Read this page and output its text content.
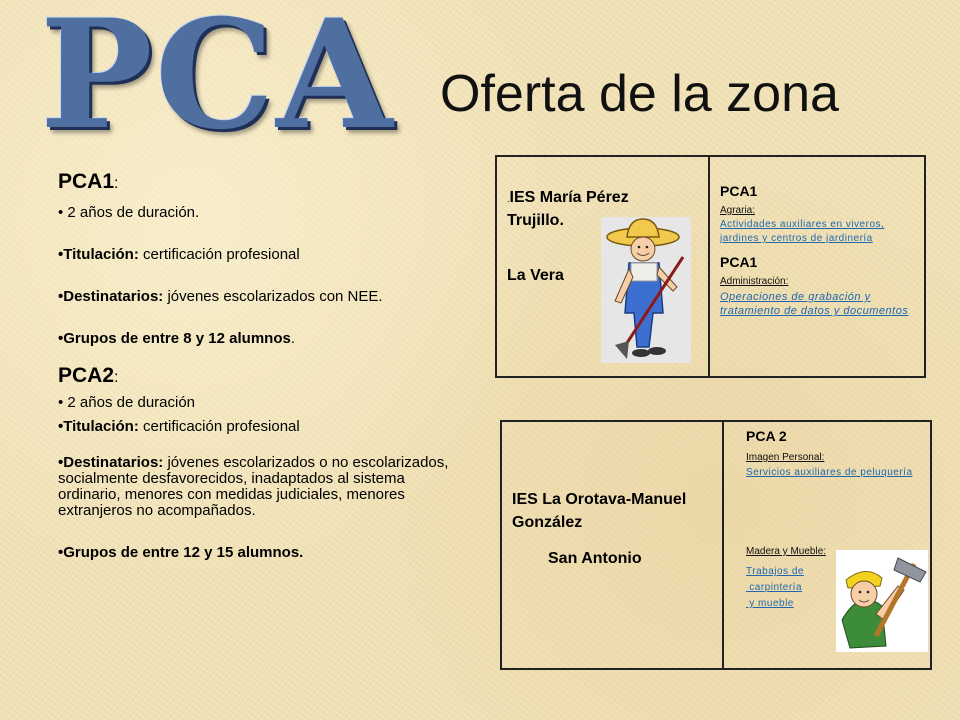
PCA Oferta de la zona

PCA1:

• 2 años de duración.

•Titulación: certificación profesional

•Destinatarios: jóvenes escolarizados con NEE.

•Grupos de entre 8 y 12 alumnos.

PCA2:

• 2 años de duración

•Titulación: certificación profesional

•Destinatarios: jóvenes escolarizados o no escolarizados, socialmente desfavorecidos, inadaptados al sistema ordinario, menores con medidas judiciales, menores extranjeros no acompañados.

•Grupos de entre 12 y 15 alumnos.

.IES María Pérez Trujillo.

La Vera

PCA1

Agraria:

Actividades auxiliares en viveros, jardines y centros de jardinería

PCA1

Administración:

Operaciones de grabación y tratamiento de datos y documentos

IES La Orotava-Manuel González

San Antonio

PCA 2

Imagen Personal:

Servicios auxiliares de peluquería

Madera y Mueble:

Trabajos de

carpintería

y mueble
